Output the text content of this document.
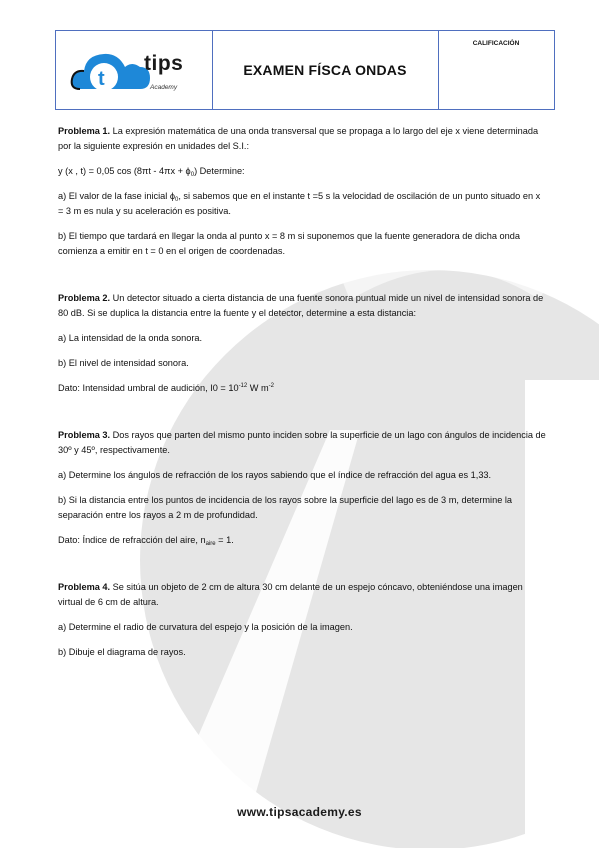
t
tips
Academy
EXAMEN FÍSCA ONDAS
CALIFICACIÓN

Problema 1. La expresión matemática de una onda transversal que se propaga a lo largo del eje x viene determinada por la siguiente expresión en unidades del S.I.:

y (x , t) = 0,05 $\cos (8\pi t - 4\pi x + \phi_0)$ Determine:

a) El valor de la fase inicial $\phi_0$, si sabemos que en el instante t =5 s la velocidad de oscilación de un punto situado en x = 3 m es nula y su aceleración es positiva.

b) El tiempo que tardará en llegar la onda al punto x = 8 m si suponemos que la fuente generadora de dicha onda comienza a emitir en t = 0 en el origen de coordenadas.

Problema 2. Un detector situado a cierta distancia de una fuente sonora puntual mide un nivel de intensidad sonora de 80 dB. Si se duplica la distancia entre la fuente y el detector, determine a esta distancia:

a) La intensidad de la onda sonora.

b) El nivel de intensidad sonora.

Dato: Intensidad umbral de audición, $I0 = 10^{-12}$ W $m^{-2}$

Problema 3. Dos rayos que parten del mismo punto inciden sobre la superficie de un lago con ángulos de incidencia de 30º y 45º, respectivamente.

a) Determine los ángulos de refracción de los rayos sabiendo que el índice de refracción del agua es 1,33.

b) Si la distancia entre los puntos de incidencia de los rayos sobre la superficie del lago es de 3 m, determine la separación entre los rayos a 2 m de profundidad.

Dato: Índice de refracción del aire, $n_{aire} = 1$.

Problema 4. Se sitúa un objeto de 2 cm de altura 30 cm delante de un espejo cóncavo, obteniéndose una imagen virtual de 6 cm de altura.

a) Determine el radio de curvatura del espejo y la posición de la imagen.

b) Dibuje el diagrama de rayos.

www.tipsacademy.es
